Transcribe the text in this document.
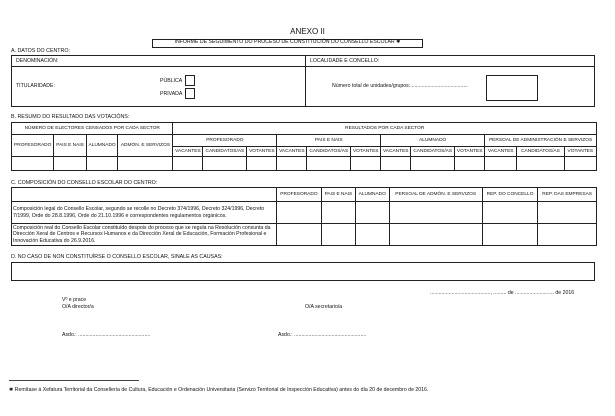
ANEXO II
INFORME DE SEGUIMENTO DO PROCESO DE CONSTITUCIÓN DO CONSELLO ESCOLAR ✱
A. DATOS DO CENTRO:
DENOMINACIÓN:	LOCALIDADE E CONCELLO:
TITULARIDADE:
PÚBLICA
PRIVADA
Número total de unidades/grupos:........................................
B. RESUMO DO RESULTADO DAS VOTACIÓNS:
NÚMERO DE ELECTORES CENSADOS POR CADA SECTOR				RESULTADOS POR CADA SECTOR											
PROFESORADO	PAIS E NAIS	ALUMNADO	ADMÓN. E SERVIZOS	PROFESORADO			PAIS E NAIS			ALUMNADO			PERSOAL DE ADMINISTRACIÓN E SERVIZOS		
				VACANTES	CANDIDATOS/AS	VOTANTES	VACANTES	CANDIDATOS/AS	VOTANTES	VACANTES	CANDIDATOS/AS	VOTANTES	VACANTES	CANDIDATOS/AS	VOTANTES

C. COMPOSICIÓN DO CONSELLO ESCOLAR DO CENTRO:
	PROFESORADO	PAIS E NAIS	ALUMNADO	PERSOAL DE ADMÓN. E SERVIZOS	REP. DO CONCELLO	REP. DAS EMPRESAS
Composición legal do Consello Escolar, segundo se recolle no Decreto 374/1996, Decreto 324/1996, Decreto 7/1999, Orde do 28.8.1996, Orde do 21.10.1996 e correspondentes regulamentos orgánicos.						
Composición real do Consello Escolar constituído despois do proceso que se regula na Resolución conxunta da Dirección Xeral de Centros e Recursos Humanos e da Dirección Xeral de Educación, Formación Profesional e Innovación Educativa do 26.9.2016.						
D. NO CASO DE NON CONSTITUÍRSE O CONSELLO ESCOLAR, SINALE AS CAUSAS:
.........................................., ......... de ........................... de 2016
Vº e prace
O/A director/a	O/A secretario/a
Asdo.: ..................................................	Asdo.: ..................................................
✱ Remítase á Xefatura Territorial da Consellería de Cultura, Educación e Ordenación Universitaria (Servizo Territorial de Inspección Educativa) antes do día 20 de decembro de 2016.
